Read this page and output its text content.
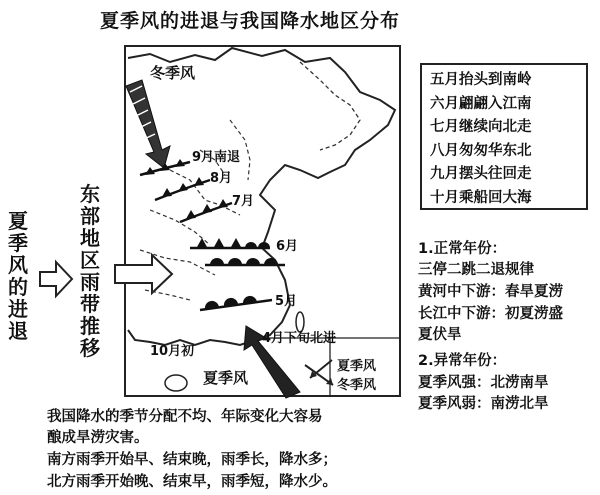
夏季风的进退与我国降水地区分布
夏
季
风
的
进
退
东
部
地
区
雨
带
推
移
冬季风
夏季风
9月南退
8月
7月
6月
5月
4月下旬北进
10月初
夏季风
冬季风
五月抬头到南岭
六月翩翩入江南
七月继续向北走
八月匆匆华东北
九月摆头往回走
十月乘船回大海
1.正常年份：
三停二跳二退规律
黄河中下游：春旱夏涝
长江中下游：初夏涝盛
夏伏旱
2.异常年份：
夏季风强：北涝南旱
夏季风弱：南涝北旱
我国降水的季节分配不均、年际变化大容易
酿成旱涝灾害。
南方雨季开始早、结束晚，雨季长，降水多；
北方雨季开始晚、结束早，雨季短，降水少。
